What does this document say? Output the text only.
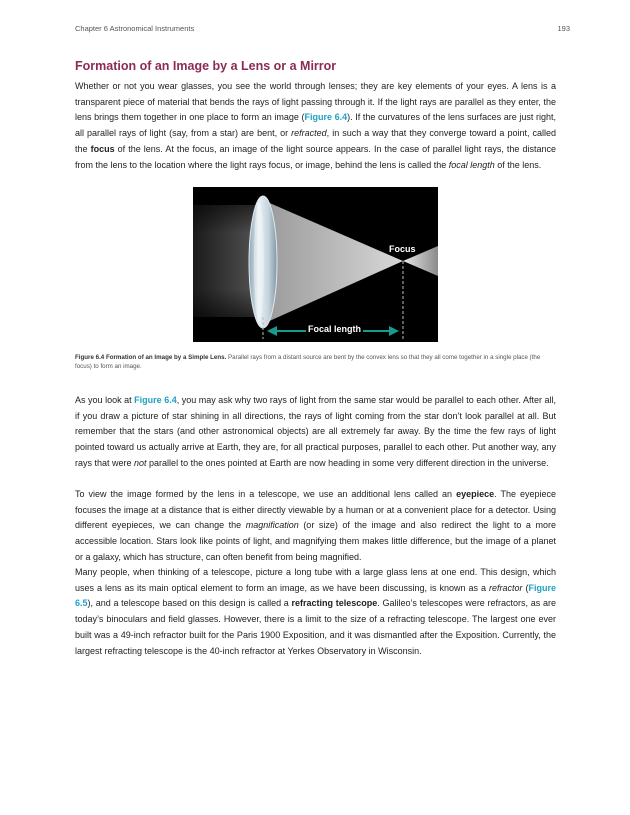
Chapter 6 Astronomical Instruments	193
Formation of an Image by a Lens or a Mirror

Whether or not you wear glasses, you see the world through lenses; they are key elements of your eyes. A lens is a transparent piece of material that bends the rays of light passing through it. If the light rays are parallel as they enter, the lens brings them together in one place to form an image (Figure 6.4). If the curvatures of the lens surfaces are just right, all parallel rays of light (say, from a star) are bent, or refracted, in such a way that they converge toward a point, called the focus of the lens. At the focus, an image of the light source appears. In the case of parallel light rays, the distance from the lens to the location where the light rays focus, or image, behind the lens is called the focal length of the lens.

Focus
Focal length

Figure 6.4 Formation of an Image by a Simple Lens. Parallel rays from a distant source are bent by the convex lens so that they all come together in a single place (the focus) to form an image.

As you look at Figure 6.4, you may ask why two rays of light from the same star would be parallel to each other. After all, if you draw a picture of star shining in all directions, the rays of light coming from the star don’t look parallel at all. But remember that the stars (and other astronomical objects) are all extremely far away. By the time the few rays of light pointed toward us actually arrive at Earth, they are, for all practical purposes, parallel to each other. Put another way, any rays that were not parallel to the ones pointed at Earth are now heading in some very different direction in the universe.

To view the image formed by the lens in a telescope, we use an additional lens called an eyepiece. The eyepiece focuses the image at a distance that is either directly viewable by a human or at a convenient place for a detector. Using different eyepieces, we can change the magnification (or size) of the image and also redirect the light to a more accessible location. Stars look like points of light, and magnifying them makes little difference, but the image of a planet or a galaxy, which has structure, can often benefit from being magnified.

Many people, when thinking of a telescope, picture a long tube with a large glass lens at one end. This design, which uses a lens as its main optical element to form an image, as we have been discussing, is known as a refractor (Figure 6.5), and a telescope based on this design is called a refracting telescope. Galileo’s telescopes were refractors, as are today’s binoculars and field glasses. However, there is a limit to the size of a refracting telescope. The largest one ever built was a 49-inch refractor built for the Paris 1900 Exposition, and it was dismantled after the Exposition. Currently, the largest refracting telescope is the 40-inch refractor at Yerkes Observatory in Wisconsin.
